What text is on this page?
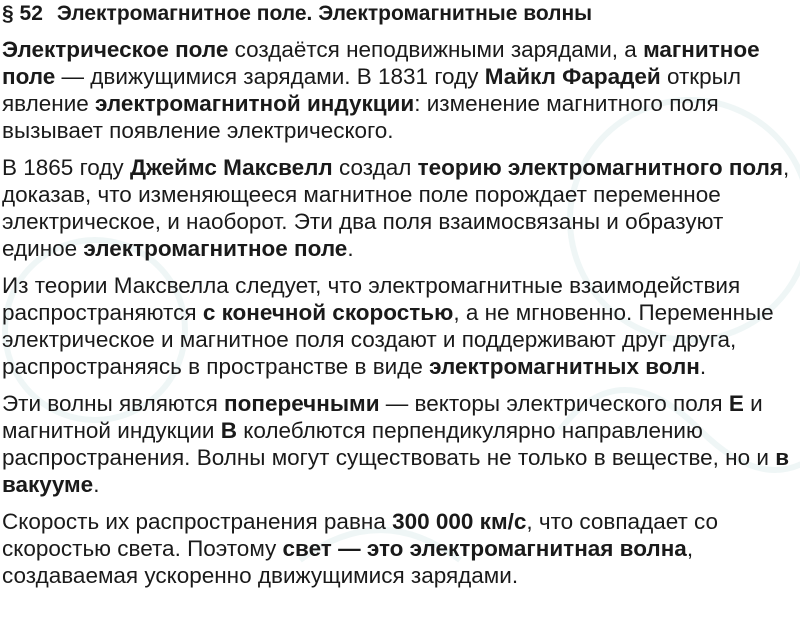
§ 52 Электромагнитное поле. Электромагнитные волны

Электрическое поле создаётся неподвижными зарядами, а магнитное поле — движущимися зарядами. В 1831 году Майкл Фарадей открыл явление электромагнитной индукции: изменение магнитного поля вызывает появление электрического.

В 1865 году Джеймс Максвелл создал теорию электромагнитного поля, доказав, что изменяющееся магнитное поле порождает переменное электрическое, и наоборот. Эти два поля взаимосвязаны и образуют единое электромагнитное поле.

Из теории Максвелла следует, что электромагнитные взаимодействия распространяются с конечной скоростью, а не мгновенно. Переменные электрическое и магнитное поля создают и поддерживают друг друга, распространяясь в пространстве в виде электромагнитных волн.

Эти волны являются поперечными — векторы электрического поля E и магнитной индукции B колеблются перпендикулярно направлению распространения. Волны могут существовать не только в веществе, но и в вакууме.

Скорость их распространения равна 300 000 км/с, что совпадает со скоростью света. Поэтому свет — это электромагнитная волна, создаваемая ускоренно движущимися зарядами.
